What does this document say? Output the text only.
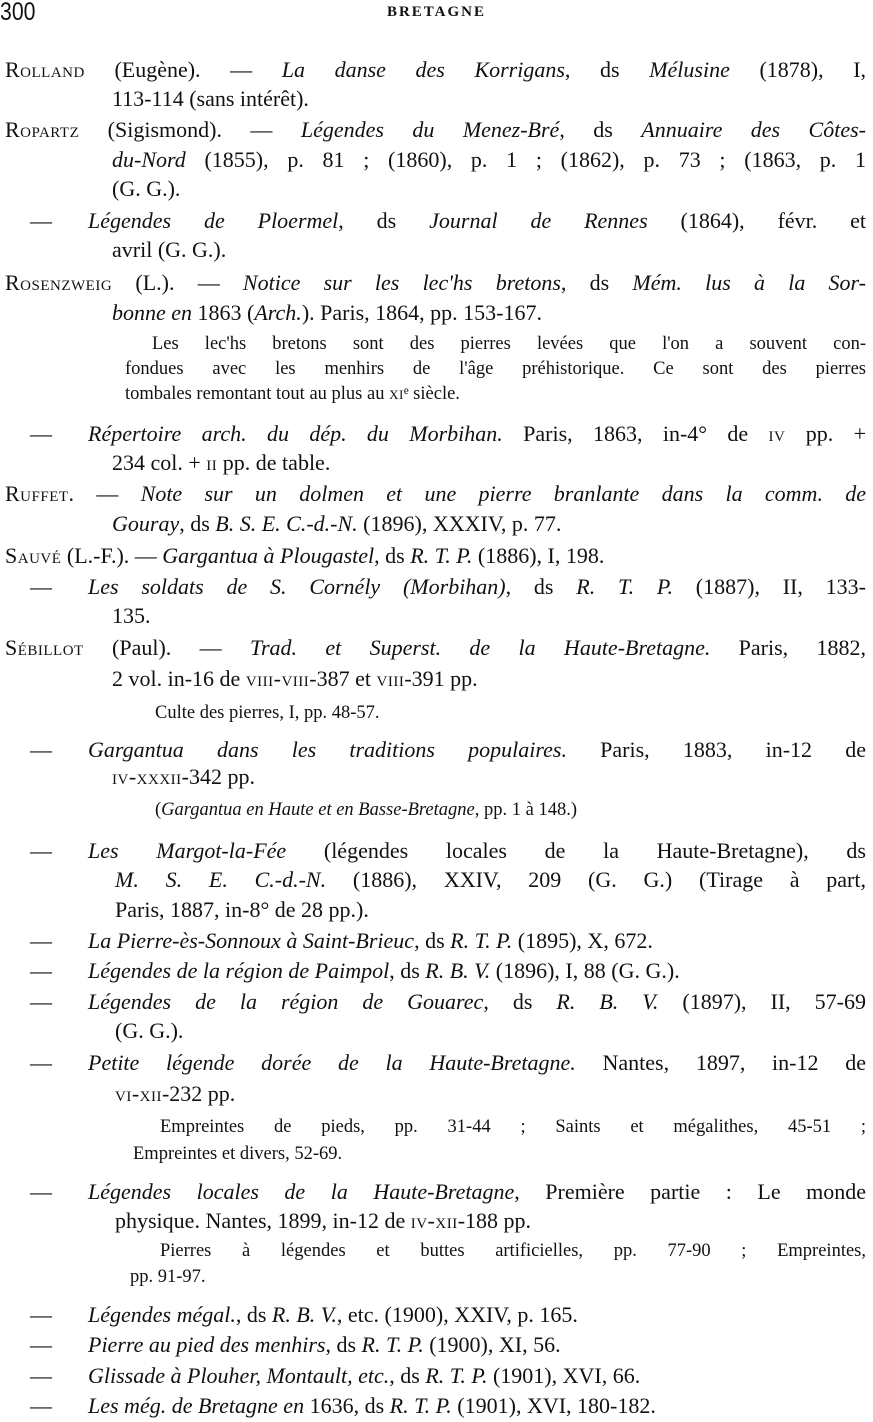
300	BRETAGNE
Rolland (Eugène). — La danse des Korrigans, ds Mélusine (1878), I,
113-114 (sans intérêt).
Ropartz (Sigismond). — Légendes du Menez-Bré, ds Annuaire des Côtes-
du-Nord (1855), p. 81 ; (1860), p. 1 ; (1862), p. 73 ; (1863, p. 1
(G. G.).
— Légendes de Ploermel, ds Journal de Rennes (1864), févr. et
avril (G. G.).
Rosenzweig (L.). — Notice sur les lec'hs bretons, ds Mém. lus à la Sor-
bonne en 1863 (Arch.). Paris, 1864, pp. 153-167.
Les lec'hs bretons sont des pierres levées que l'on a souvent con-
fondues avec les menhirs de l'âge préhistorique. Ce sont des pierres
tombales remontant tout au plus au xiᵉ siècle.
— Répertoire arch. du dép. du Morbihan. Paris, 1863, in-4° de iv pp. +
234 col. + ii pp. de table.
Ruffet. — Note sur un dolmen et une pierre branlante dans la comm. de
Gouray, ds B. S. E. C.-d.-N. (1896), XXXIV, p. 77.
Sauvé (L.-F.). — Gargantua à Plougastel, ds R. T. P. (1886), I, 198.
— Les soldats de S. Cornély (Morbihan), ds R. T. P. (1887), II, 133-
135.
Sébillot (Paul). — Trad. et Superst. de la Haute-Bretagne. Paris, 1882,
2 vol. in-16 de viii-viii-387 et viii-391 pp.
Culte des pierres, I, pp. 48-57.
— Gargantua dans les traditions populaires. Paris, 1883, in-12 de
iv-xxxii-342 pp.
(Gargantua en Haute et en Basse-Bretagne, pp. 1 à 148.)
— Les Margot-la-Fée (légendes locales de la Haute-Bretagne), ds
M. S. E. C.-d.-N. (1886), XXIV, 209 (G. G.) (Tirage à part,
Paris, 1887, in-8° de 28 pp.).
— La Pierre-ès-Sonnoux à Saint-Brieuc, ds R. T. P. (1895), X, 672.
— Légendes de la région de Paimpol, ds R. B. V. (1896), I, 88 (G. G.).
— Légendes de la région de Gouarec, ds R. B. V. (1897), II, 57-69
(G. G.).
— Petite légende dorée de la Haute-Bretagne. Nantes, 1897, in-12 de
vi-xii-232 pp.
Empreintes de pieds, pp. 31-44 ; Saints et mégalithes, 45-51 ;
Empreintes et divers, 52-69.
— Légendes locales de la Haute-Bretagne, Première partie : Le monde
physique. Nantes, 1899, in-12 de iv-xii-188 pp.
Pierres à légendes et buttes artificielles, pp. 77-90 ; Empreintes,
pp. 91-97.
— Légendes mégal., ds R. B. V., etc. (1900), XXIV, p. 165.
— Pierre au pied des menhirs, ds R. T. P. (1900), XI, 56.
— Glissade à Plouher, Montault, etc., ds R. T. P. (1901), XVI, 66.
— Les még. de Bretagne en 1636, ds R. T. P. (1901), XVI, 180-182.
